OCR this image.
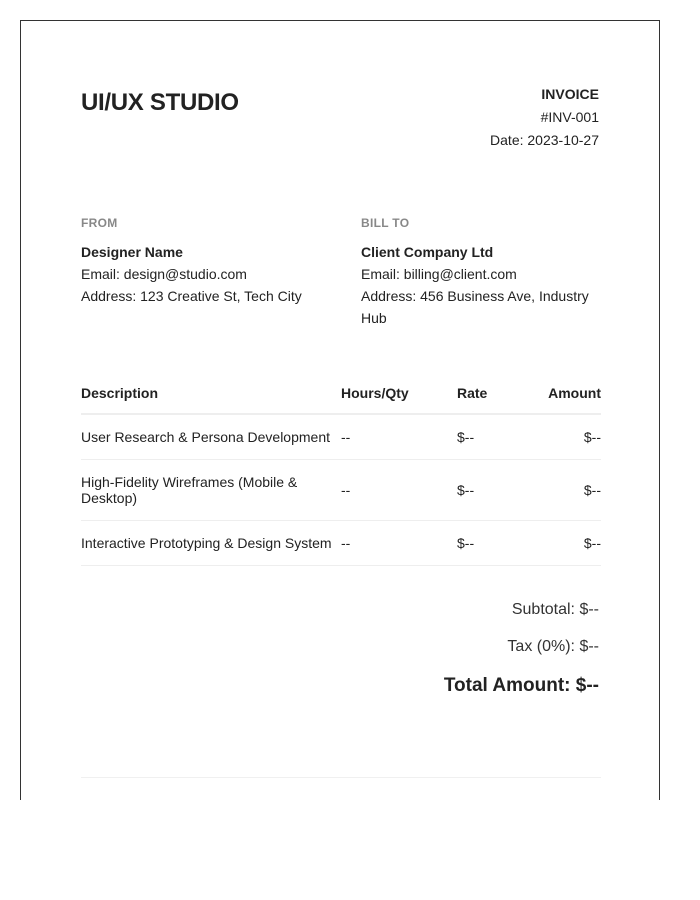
UI/UX STUDIO	INVOICE
#INV-001
Date: 2023-10-27
FROM
Designer Name
Email: design@studio.com
Address: 123 Creative St, Tech City
BILL TO
Client Company Ltd
Email: billing@client.com
Address: 456 Business Ave, Industry Hub
Description	Hours/Qty	Rate	Amount
User Research & Persona Development	--	$--	$--
High-Fidelity Wireframes (Mobile & Desktop)	--	$--	$--
Interactive Prototyping & Design System	--	$--	$--
Subtotal: $--
Tax (0%): $--
Total Amount: $--
